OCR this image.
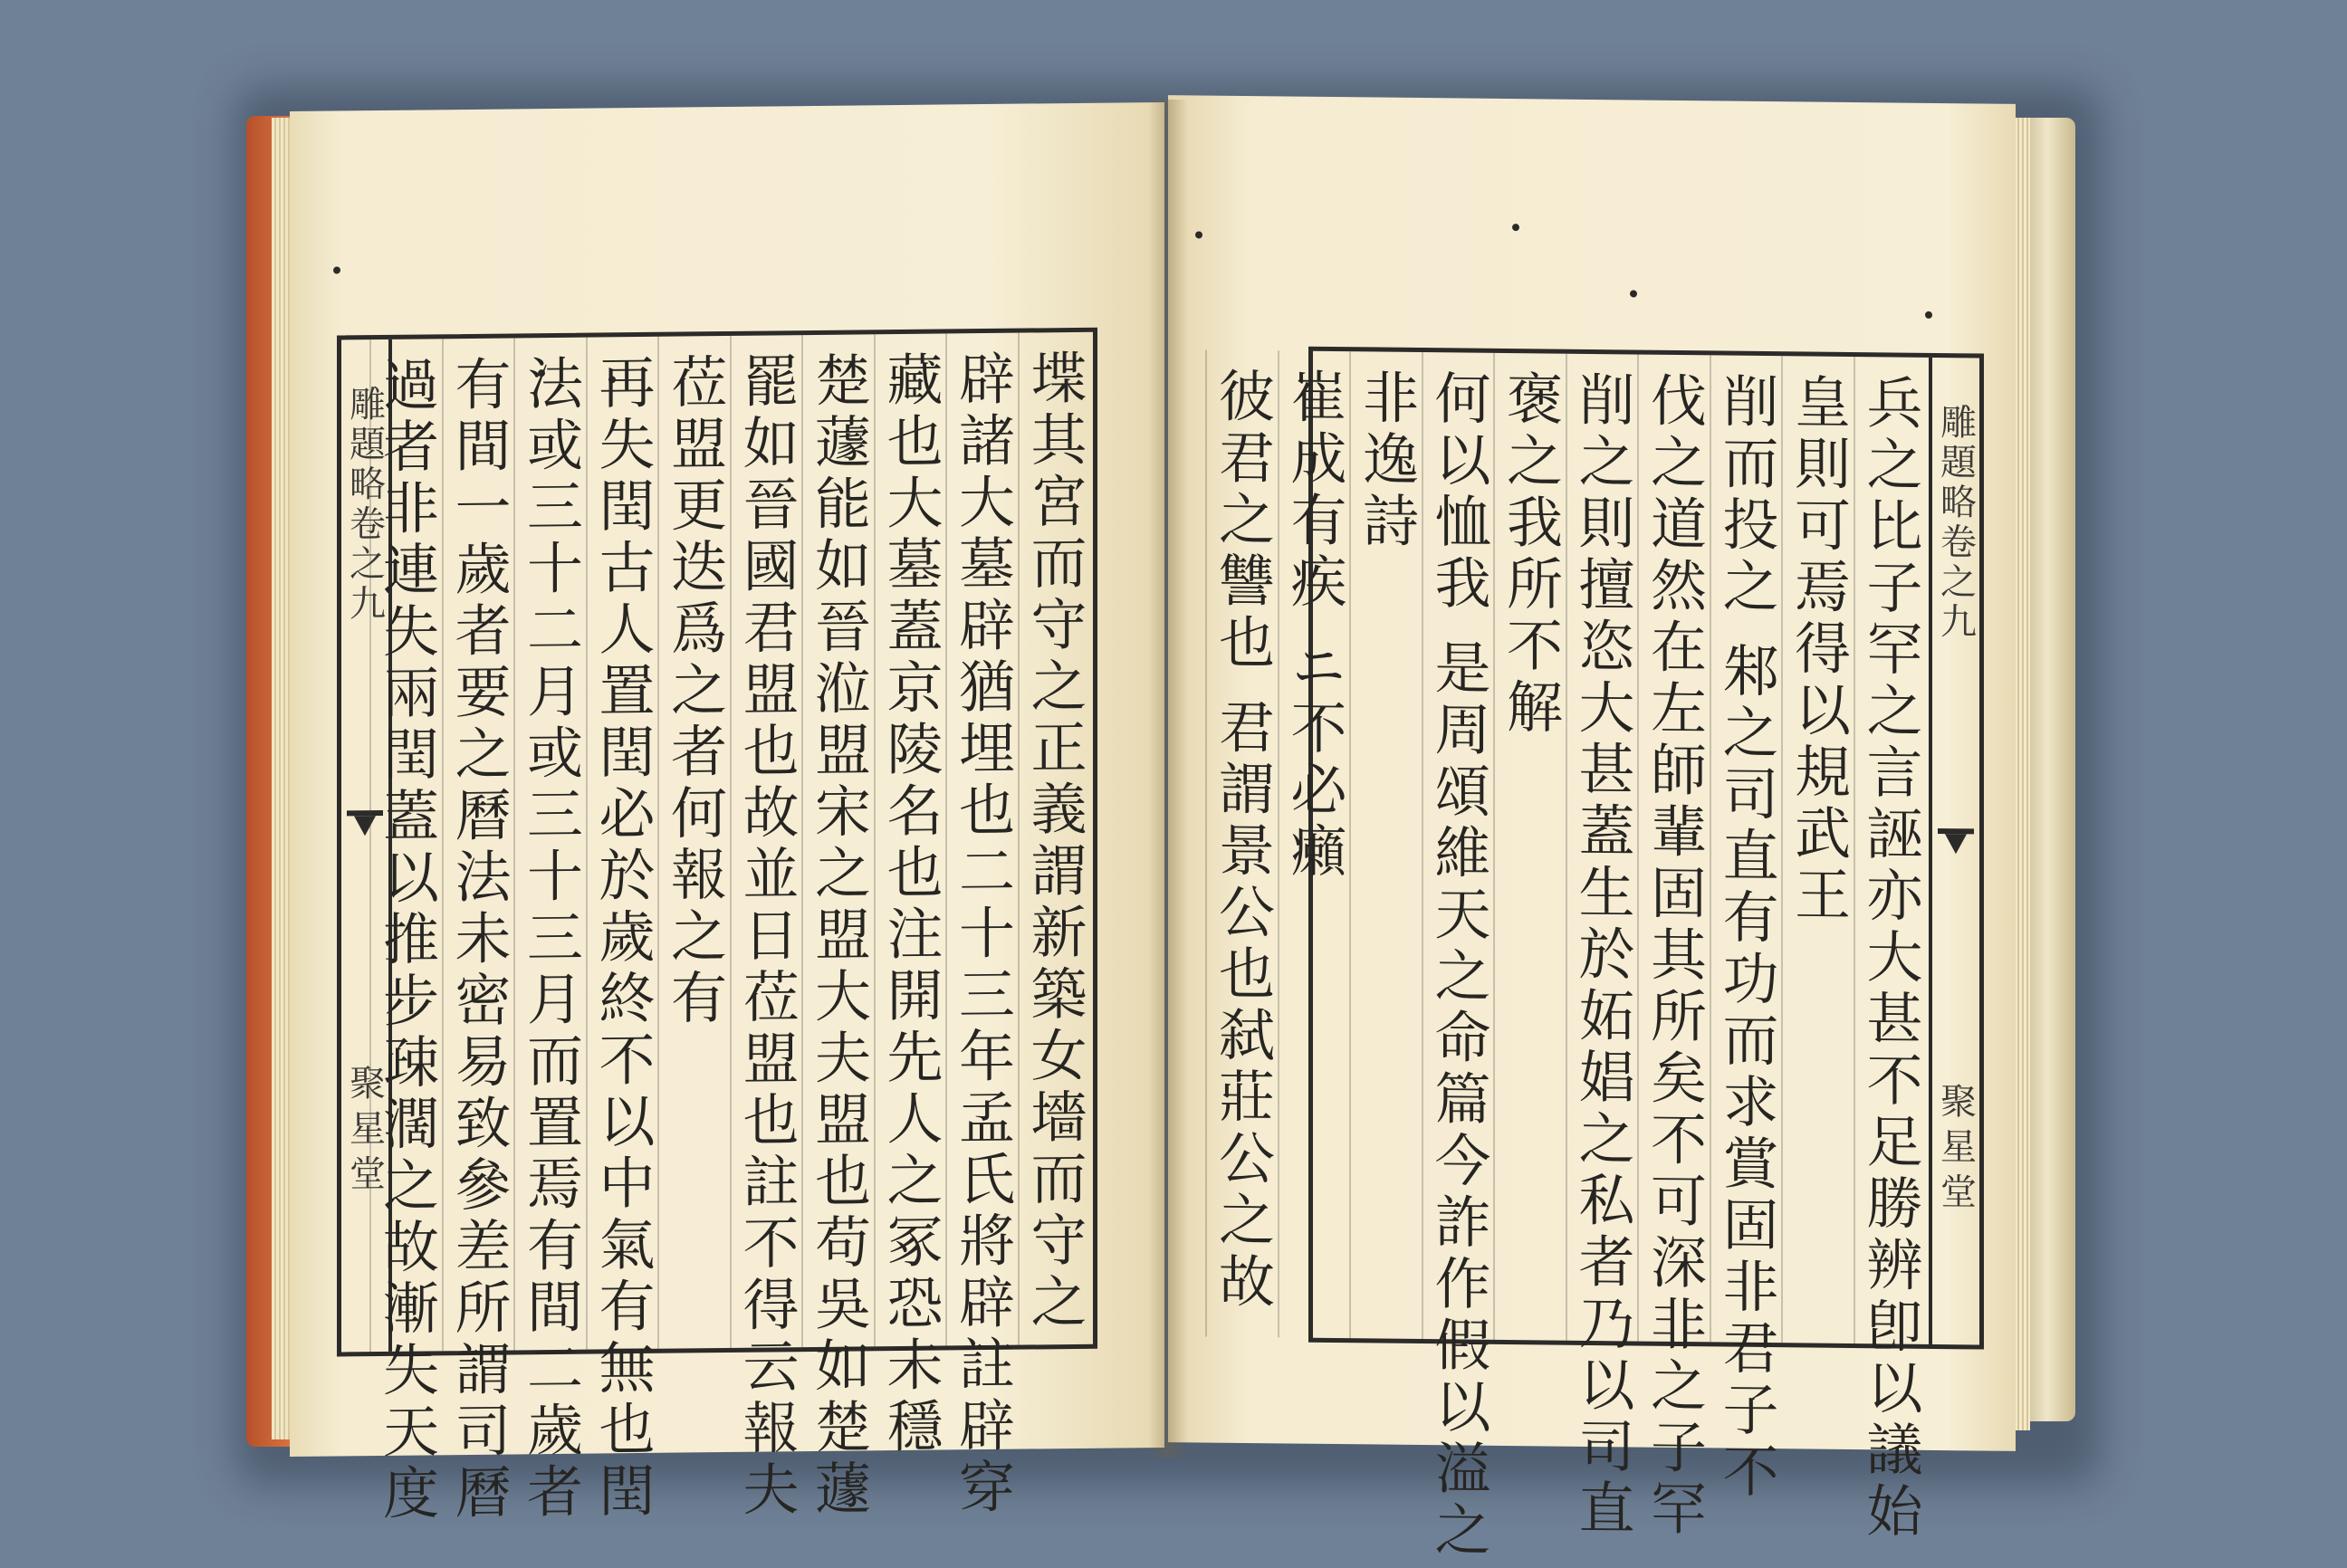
雕題略卷之九
聚星堂	堞其宮而守之正義謂新築女墻而守之
辟諸大墓辟猶埋也二十三年孟氏將辟註辟穿
藏也大墓蓋京陵名也注開先人之冢恐未穩
楚蘧能如晉涖盟宋之盟大夫盟也苟吳如楚蘧
罷如晉國君盟也故並日莅盟也註不得云報夫
莅盟更迭爲之者何報之有
再失閏古人置閏必於歲終不以中氣有無也閏
法或三十二月或三十三月而置焉有間二歲者
有間一歲者要之曆法未密易致參差所謂司曆
過者非連失兩閏蓋以推步疎濶之故漸失天度	雕題略卷之九
聚星堂
兵之比子罕之言誣亦大甚不足勝辨卽以議始
皇則可焉得以規武王
削而投之 邾之司直有功而求賞固非君子不
伐之道然在左師輩固其所矣不可深非之子罕
削之則擅恣大甚蓋生於妬娼之私者乃以司直
褒之我所不解
何以恤我 是周頌維天之命篇今詐作假以溢之
非逸詩
崔成有疾 ニ不必癩
彼君之讐也 君謂景公也弑莊公之故
